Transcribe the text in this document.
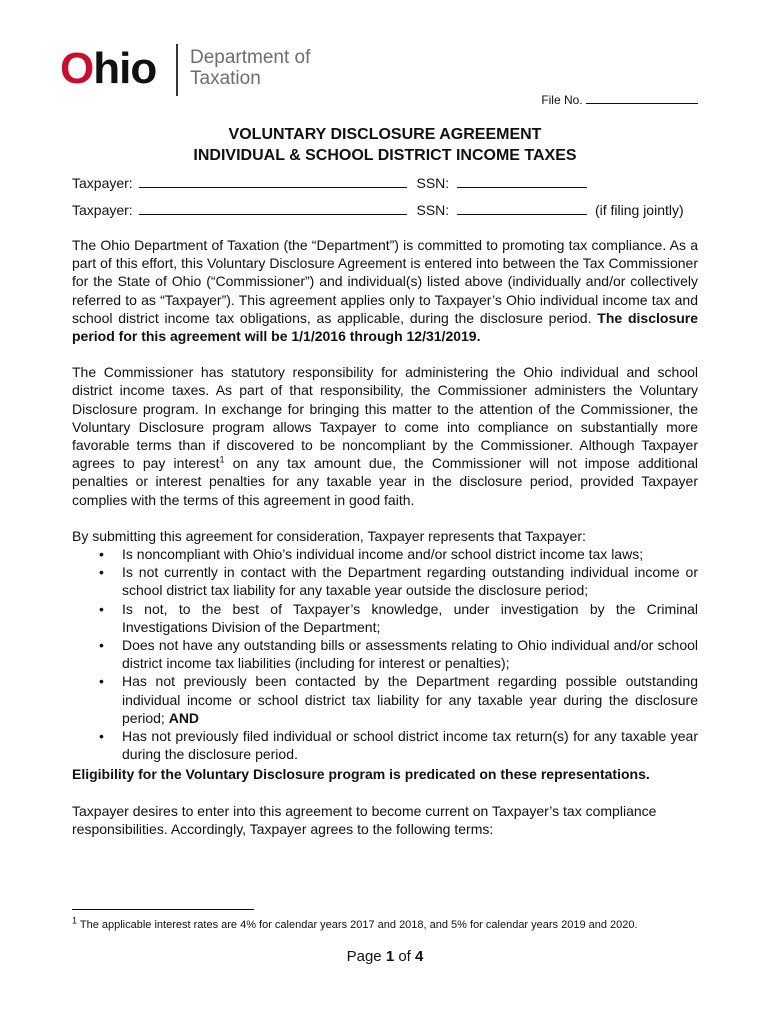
Ohio Department of
Taxation
File No.
VOLUNTARY DISCLOSURE AGREEMENT
INDIVIDUAL & SCHOOL DISTRICT INCOME TAXES
Taxpayer:	SSN:
Taxpayer:	SSN:	(if filing jointly)

The Ohio Department of Taxation (the “Department”) is committed to promoting tax compliance. As a part of this effort, this Voluntary Disclosure Agreement is entered into between the Tax Commissioner for the State of Ohio (“Commissioner”) and individual(s) listed above (individually and/or collectively referred to as “Taxpayer”). This agreement applies only to Taxpayer’s Ohio individual income tax and school district income tax obligations, as applicable, during the disclosure period. The disclosure period for this agreement will be 1/1/2016 through 12/31/2019.

The Commissioner has statutory responsibility for administering the Ohio individual and school district income taxes. As part of that responsibility, the Commissioner administers the Voluntary Disclosure program. In exchange for bringing this matter to the attention of the Commissioner, the Voluntary Disclosure program allows Taxpayer to come into compliance on substantially more favorable terms than if discovered to be noncompliant by the Commissioner. Although Taxpayer agrees to pay interest$^1$ on any tax amount due, the Commissioner will not impose additional penalties or interest penalties for any taxable year in the disclosure period, provided Taxpayer complies with the terms of this agreement in good faith.

By submitting this agreement for consideration, Taxpayer represents that Taxpayer:
• Is noncompliant with Ohio’s individual income and/or school district income tax laws;
• Is not currently in contact with the Department regarding outstanding individual income or school district tax liability for any taxable year outside the disclosure period;
• Is not, to the best of Taxpayer’s knowledge, under investigation by the Criminal Investigations Division of the Department;
• Does not have any outstanding bills or assessments relating to Ohio individual and/or school district income tax liabilities (including for interest or penalties);
• Has not previously been contacted by the Department regarding possible outstanding individual income or school district tax liability for any taxable year during the disclosure period; AND
• Has not previously filed individual or school district income tax return(s) for any taxable year during the disclosure period.

Eligibility for the Voluntary Disclosure program is predicated on these representations.

Taxpayer desires to enter into this agreement to become current on Taxpayer’s tax compliance responsibilities. Accordingly, Taxpayer agrees to the following terms:

$^1$ The applicable interest rates are 4% for calendar years 2017 and 2018, and 5% for calendar years 2019 and 2020.
Page 1 of 4
